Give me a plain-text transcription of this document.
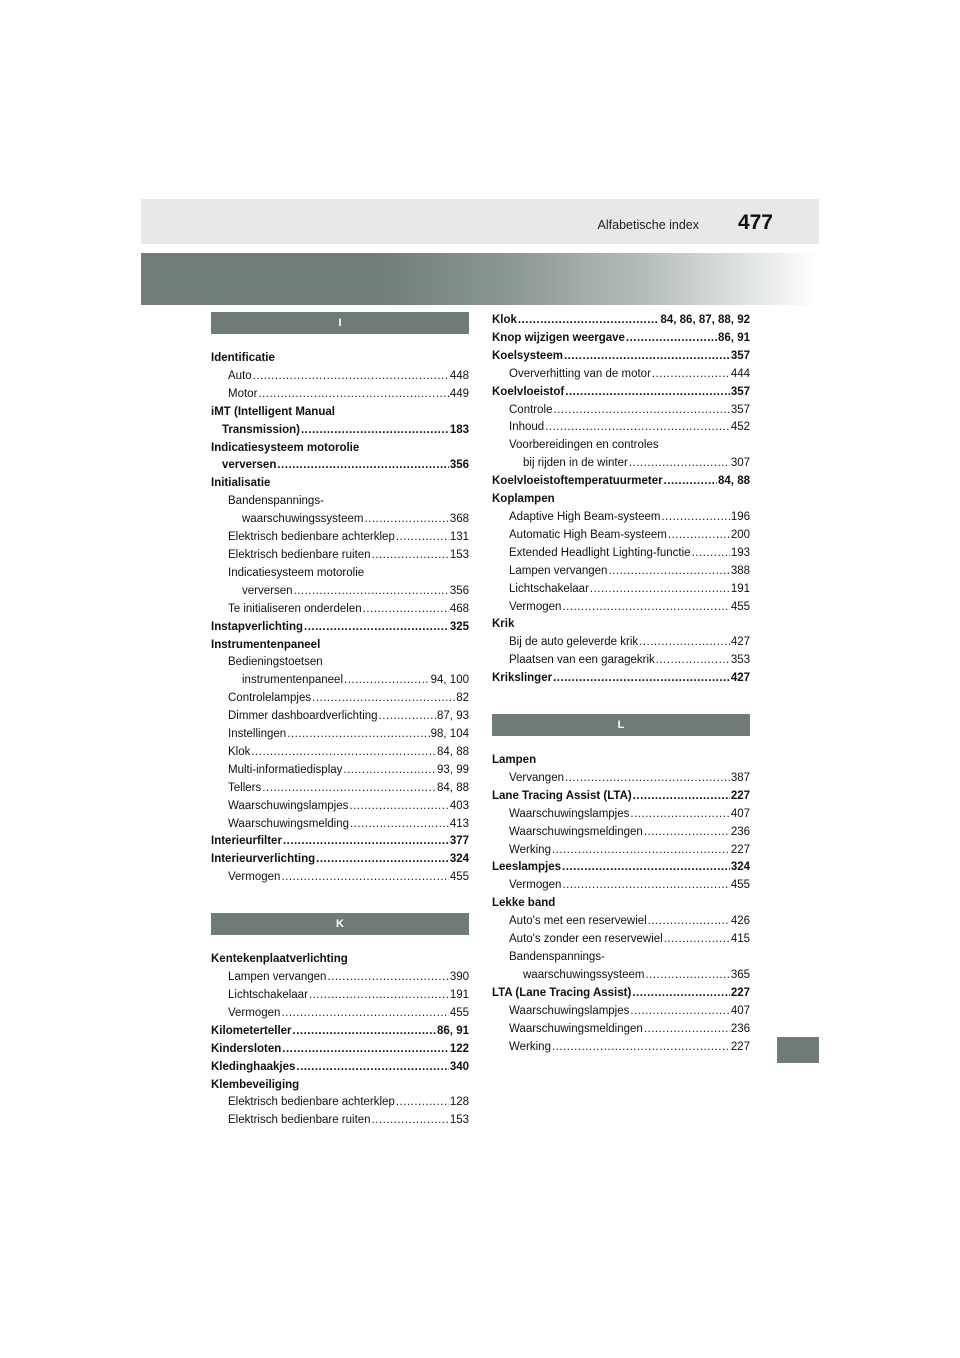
Alfabetische index 477
I
Identificatie
Auto .....	448
Motor .....	449
iMT (Intelligent Manual
Transmission) .....	183
Indicatiesysteem motorolie
verversen .....	356
Initialisatie
Bandenspannings-
waarschuwingssysteem .....	368
Elektrisch bedienbare achterklep .....	131
Elektrisch bedienbare ruiten .....	153
Indicatiesysteem motorolie
verversen .....	356
Te initialiseren onderdelen .....	468
Instapverlichting .....	325
Instrumentenpaneel
Bedieningstoetsen
instrumentenpaneel .....	94, 100
Controlelampjes .....	82
Dimmer dashboardverlichting .....	87, 93
Instellingen .....	98, 104
Klok .....	84, 88
Multi-informatiedisplay .....	93, 99
Tellers .....	84, 88
Waarschuwingslampjes .....	403
Waarschuwingsmelding .....	413
Interieurfilter .....	377
Interieurverlichting .....	324
Vermogen .....	455
K
Kentekenplaatverlichting
Lampen vervangen .....	390
Lichtschakelaar .....	191
Vermogen .....	455
Kilometerteller .....	86, 91
Kindersloten .....	122
Kledinghaakjes .....	340
Klembeveiliging
Elektrisch bedienbare achterklep .....	128
Elektrisch bedienbare ruiten .....	153
Klok .....	84, 86, 87, 88, 92
Knop wijzigen weergave .....	86, 91
Koelsysteem .....	357
Oververhitting van de motor .....	444
Koelvloeistof .....	357
Controle .....	357
Inhoud .....	452
Voorbereidingen en controles
bij rijden in de winter .....	307
Koelvloeistoftemperatuurmeter .....	84, 88
Koplampen
Adaptive High Beam-systeem .....	196
Automatic High Beam-systeem .....	200
Extended Headlight Lighting-functie .....	193
Lampen vervangen .....	388
Lichtschakelaar .....	191
Vermogen .....	455
Krik
Bij de auto geleverde krik .....	427
Plaatsen van een garagekrik .....	353
Krikslinger .....	427
L
Lampen
Vervangen .....	387
Lane Tracing Assist (LTA) .....	227
Waarschuwingslampjes .....	407
Waarschuwingsmeldingen .....	236
Werking .....	227
Leeslampjes .....	324
Vermogen .....	455
Lekke band
Auto's met een reservewiel .....	426
Auto's zonder een reservewiel .....	415
Bandenspannings-
waarschuwingssysteem .....	365
LTA (Lane Tracing Assist) .....	227
Waarschuwingslampjes .....	407
Waarschuwingsmeldingen .....	236
Werking .....	227
